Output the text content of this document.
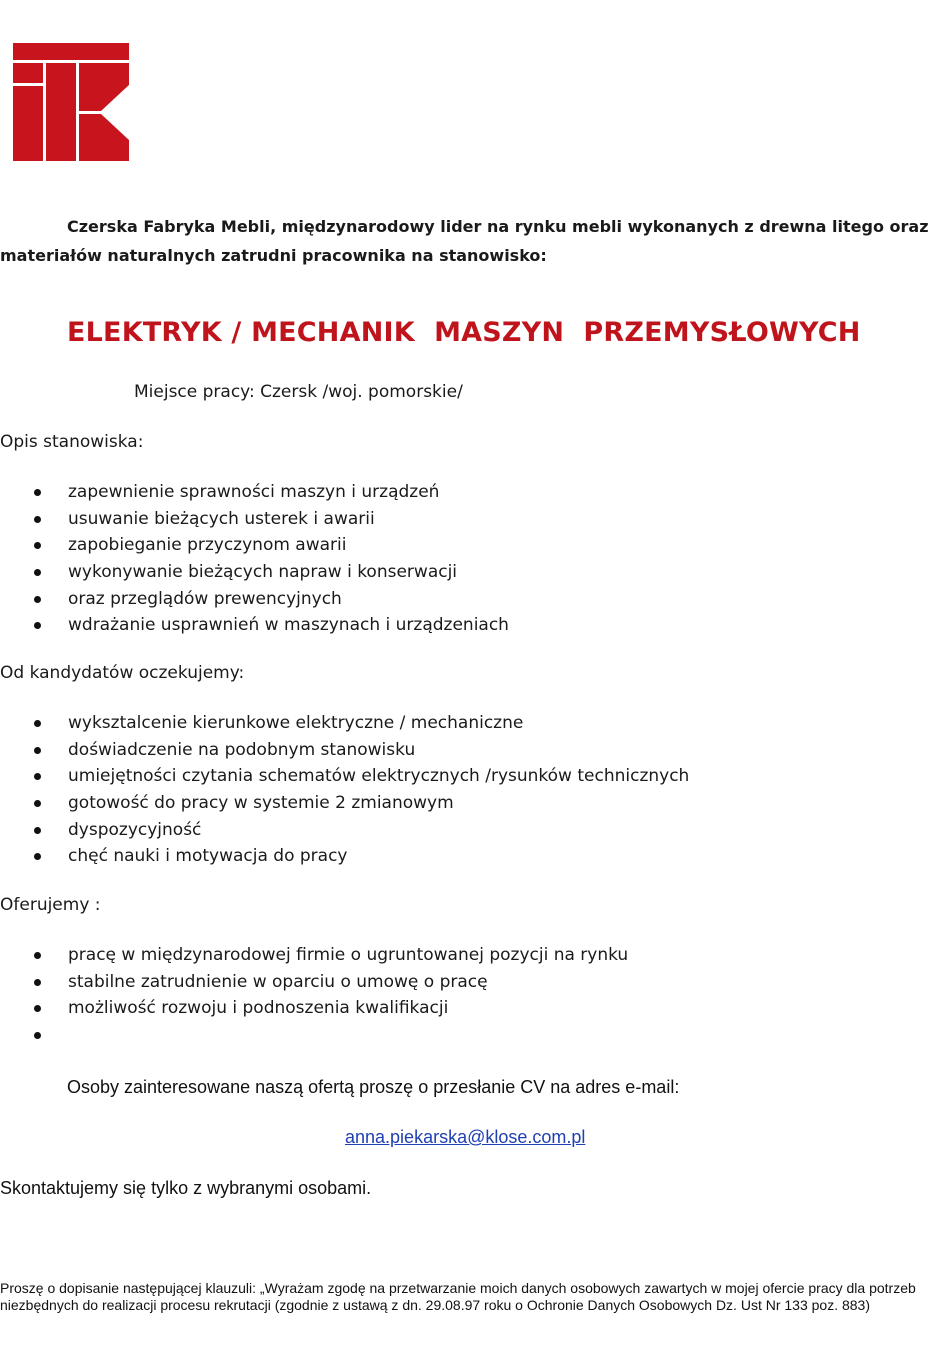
Czerska Fabryka Mebli, międzynarodowy lider na rynku mebli wykonanych z drewna litego oraz materiałów naturalnych zatrudni pracownika na stanowisko:

ELEKTRYK / MECHANIK  MASZYN  PRZEMYSŁOWYCH

Miejsce pracy: Czersk /woj. pomorskie/

Opis stanowiska:

zapewnienie sprawności maszyn i urządzeń
usuwanie bieżących usterek i awarii
zapobieganie przyczynom awarii
wykonywanie bieżących napraw i konserwacji
oraz przeglądów prewencyjnych
wdrażanie usprawnień w maszynach i urządzeniach

Od kandydatów oczekujemy:

wyksztalcenie kierunkowe elektryczne / mechaniczne
doświadczenie na podobnym stanowisku
umiejętności czytania schematów elektrycznych /rysunków technicznych
gotowość do pracy w systemie 2 zmianowym
dyspozycyjność
chęć nauki i motywacja do pracy

Oferujemy :

pracę w międzynarodowej firmie o ugruntowanej pozycji na rynku
stabilne zatrudnienie w oparciu o umowę o pracę
możliwość rozwoju i podnoszenia kwalifikacji

Osoby zainteresowane naszą ofertą proszę o przesłanie CV na adres e-mail:

anna.piekarska@klose.com.pl

Skontaktujemy się tylko z wybranymi osobami.

Proszę o dopisanie następującej klauzuli: „Wyrażam zgodę na przetwarzanie moich danych osobowych zawartych w mojej ofercie pracy dla potrzeb niezbędnych do realizacji procesu rekrutacji (zgodnie z ustawą z dn. 29.08.97 roku o Ochronie Danych Osobowych Dz. Ust Nr 133 poz. 883)
